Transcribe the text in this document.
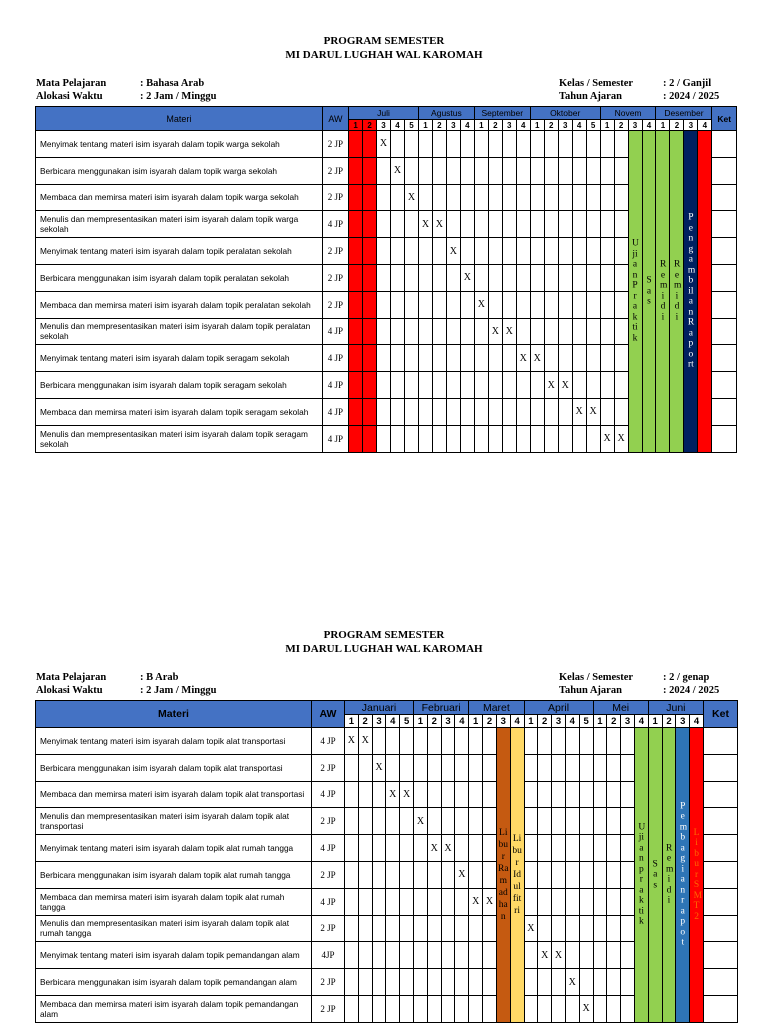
PROGRAM SEMESTER
MI DARUL LUGHAH WAL KAROMAH
Mata Pelajaran	: Bahasa Arab
Alokasi Waktu	: 2 Jam / Minggu
Kelas / Semester	: 2 / Ganjil
Tahun Ajaran	: 2024 / 2025
Materi	AW	Juli					Agustus				September				Oktober					Novem				Desember				Ket
		1	2	3	4	5	1	2	3	4	1	2	3	4	1	2	3	4	5	1	2	3	4	1	2	3	4	
Menyimak tentang materi isim isyarah dalam topik warga sekolah	2 JP			X																		Ujian Praktik	Sas	Remidi	Remidi	Pengambilan Raport		

Berbicara menggunakan isim isyarah dalam topik warga sekolah	2 JP				X																							
Membaca dan memirsa materi isim isyarah dalam topik warga sekolah	2 JP					X																						
Menulis dan mempresentasikan materi isim isyarah dalam topik warga sekolah	4 JP						X	X																				
Menyimak tentang materi isim isyarah dalam topik peralatan sekolah	2 JP								X																			
Berbicara menggunakan isim isyarah dalam topik peralatan sekolah	2 JP									X																		
Membaca dan memirsa materi isim isyarah dalam topik peralatan sekolah	2 JP										X																	
Menulis dan mempresentasikan materi isim isyarah dalam topik peralatan sekolah	4 JP											X	X															
Menyimak tentang materi isim isyarah dalam topik seragam sekolah	4 JP													X	X													
Berbicara menggunakan isim isyarah dalam topik seragam sekolah	4 JP															X	X											
Membaca dan memirsa materi isim isyarah dalam topik seragam sekolah	4 JP																	X	X									
Menulis dan mempresentasikan materi isim isyarah dalam topik seragam sekolah	4 JP																			X	X							
PROGRAM SEMESTER
MI DARUL LUGHAH WAL KAROMAH
Mata Pelajaran	: B Arab
Alokasi Waktu	: 2 Jam / Minggu
Kelas / Semester	: 2 / genap
Tahun Ajaran	: 2024 / 2025
Materi	AW	Januari					Februari				Maret				April					Mei				Juni				Ket
		1	2	3	4	5	1	2	3	4	1	2	3	4	1	2	3	4	5	1	2	3	4	1	2	3	4	
Menyimak tentang materi isim isyarah dalam topik alat transportasi	4 JP	X	X										Libur Ramadhan	Libur Idul fitri									Ujian praktik	Sas	Remidi	Pembagian rapot	Libur SMT 2	

Berbicara menggunakan isim isyarah dalam topik alat transportasi	2 JP			X																								
Membaca dan memirsa materi isim isyarah dalam topik alat transportasi	4 JP				X	X																						
Menulis dan mempresentasikan materi isim isyarah dalam topik alat transportasi	2 JP						X																					
Menyimak tentang materi isim isyarah dalam topik alat rumah tangga	4 JP							X	X																			
Berbicara menggunakan isim isyarah dalam topik alat rumah tangga	2 JP									X																		
Membaca dan memirsa materi isim isyarah dalam topik alat rumah tangga	4 JP										X	X																
Menulis dan mempresentasikan materi isim isyarah dalam topik alat rumah tangga	2 JP														X													
Menyimak tentang materi isim isyarah dalam topik pemandangan alam	4JP															X	X											
Berbicara menggunakan isim isyarah dalam topik pemandangan alam	2 JP																	X										
Membaca dan memirsa materi isim isyarah dalam topik pemandangan alam	2 JP																		X									
